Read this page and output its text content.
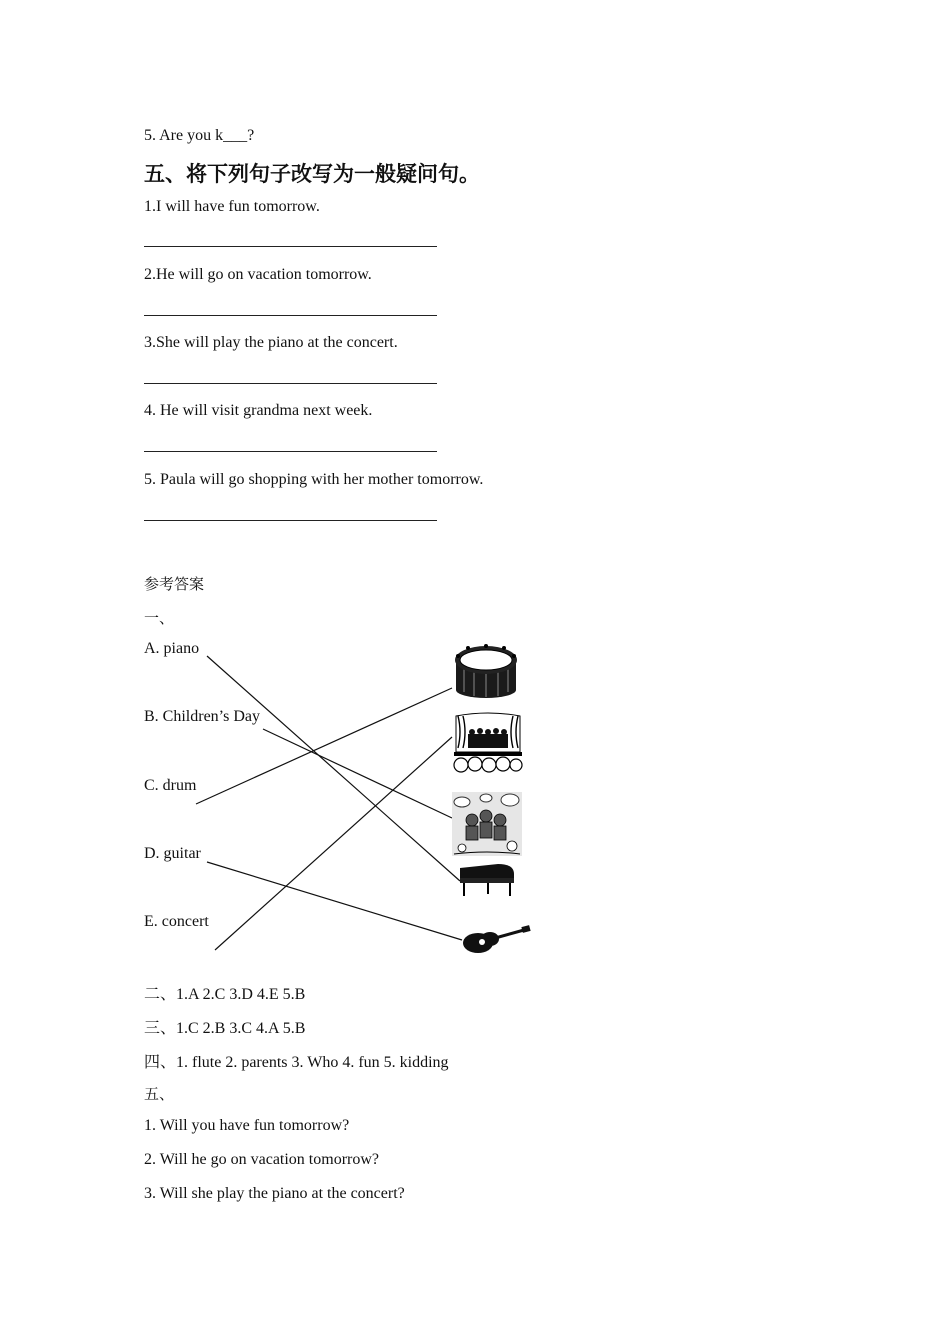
5. Are you k___?
五、将下列句子改写为一般疑问句。
1.I will have fun tomorrow.
2.He will go on vacation tomorrow.
3.She will play the piano at the concert.
4. He will visit grandma next week.
5. Paula will go shopping with her mother tomorrow.
参考答案
一、
A. piano
B. Children’s Day
C. drum
D. guitar
E. concert
二、1.A 2.C 3.D 4.E 5.B
三、1.C 2.B 3.C 4.A 5.B
四、1. flute 2. parents 3. Who 4. fun 5. kidding
五、
1. Will you have fun tomorrow?
2. Will he go on vacation tomorrow?
3. Will she play the piano at the concert?
